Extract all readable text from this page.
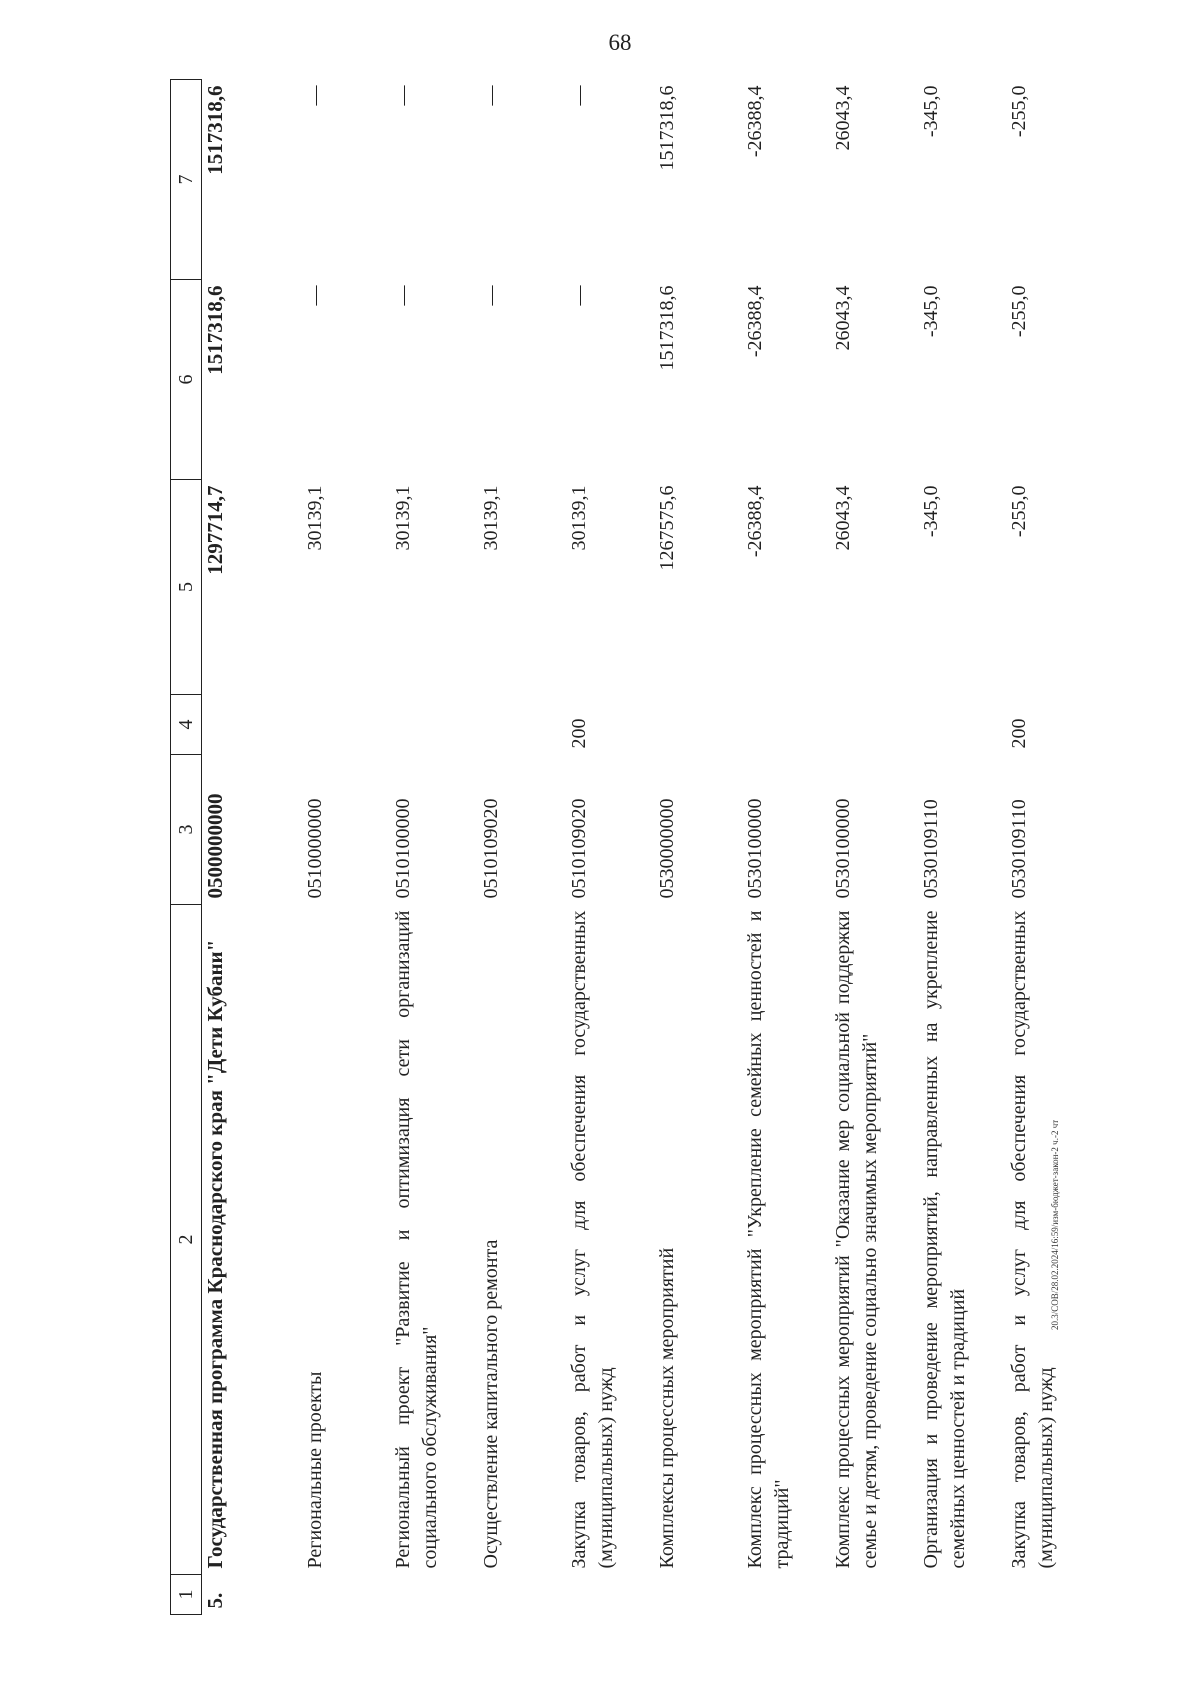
68
1	2	3	4	5	6	7
5.	Государственная программа Краснодарского края "Дети Кубани"	0500000000		1297714,7	1517318,6	1517318,6
	Региональные проекты	0510000000		30139,1	—	—
	Региональный проект "Развитие и оптимизация сети организаций социального обслуживания"	0510100000		30139,1	—	—
	Осуществление капитального ремонта	0510109020		30139,1	—	—
	Закупка товаров, работ и услуг для обеспечения государственных (муниципальных) нужд	0510109020	200	30139,1	—	—
	Комплексы процессных мероприятий	0530000000		1267575,6	1517318,6	1517318,6
	Комплекс процессных мероприятий "Укрепление семейных ценностей и традиций"	0530100000		-26388,4	-26388,4	-26388,4
	Комплекс процессных мероприятий "Оказание мер социальной поддержки семье и детям, проведение социально значимых мероприятий"	0530100000		26043,4	26043,4	26043,4
	Организация и проведение мероприятий, направленных на укрепление семейных ценностей и традиций	0530109110		-345,0	-345,0	-345,0
	Закупка товаров, работ и услуг для обеспечения государственных (муниципальных) нужд	0530109110	200	-255,0	-255,0	-255,0
20.3/СОВ/28.02.2024/16:59/изм-бюджет-закон-2 ч.-2 чт
